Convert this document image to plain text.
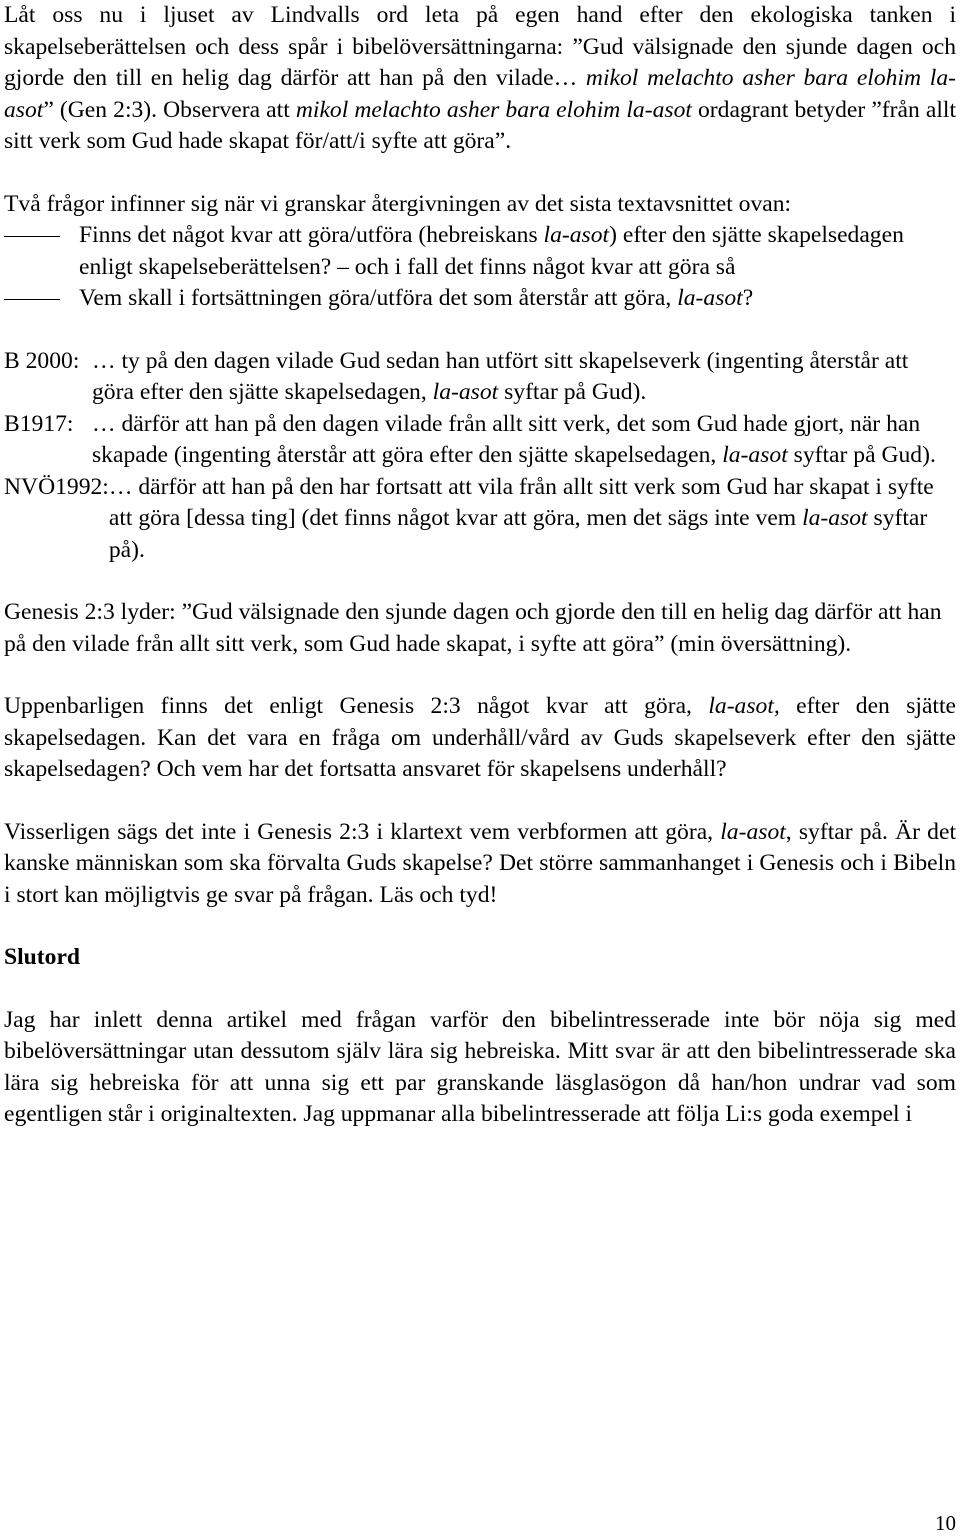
Låt oss nu i ljuset av Lindvalls ord leta på egen hand efter den ekologiska tanken i skapelseberättelsen och dess spår i bibelöversättningarna: ”Gud välsignade den sjunde dagen och gjorde den till en helig dag därför att han på den vilade… mikol melachto asher bara elohim la-asot” (Gen 2:3). Observera att mikol melachto asher bara elohim la-asot ordagrant betyder ”från allt sitt verk som Gud hade skapat för/att/i syfte att göra”.

Två frågor infinner sig när vi granskar återgivningen av det sista textavsnittet ovan:

Finns det något kvar att göra/utföra (hebreiskans la-asot) efter den sjätte skapelsedagen enligt skapelseberättelsen? – och i fall det finns något kvar att göra så

Vem skall i fortsättningen göra/utföra det som återstår att göra, la-asot?

B 2000: … ty på den dagen vilade Gud sedan han utfört sitt skapelseverk (ingenting återstår att göra efter den sjätte skapelsedagen, la-asot syftar på Gud).
B1917: … därför att han på den dagen vilade från allt sitt verk, det som Gud hade gjort, när han skapade (ingenting återstår att göra efter den sjätte skapelsedagen, la-asot syftar på Gud).
NVÖ1992: … därför att han på den har fortsatt att vila från allt sitt verk som Gud har skapat i syfte att göra [dessa ting] (det finns något kvar att göra, men det sägs inte vem la-asot syftar på).

Genesis 2:3 lyder: ”Gud välsignade den sjunde dagen och gjorde den till en helig dag därför att han på den vilade från allt sitt verk, som Gud hade skapat, i syfte att göra” (min översättning).

Uppenbarligen finns det enligt Genesis 2:3 något kvar att göra, la-asot, efter den sjätte skapelsedagen. Kan det vara en fråga om underhåll/vård av Guds skapelseverk efter den sjätte skapelsedagen? Och vem har det fortsatta ansvaret för skapelsens underhåll?

Visserligen sägs det inte i Genesis 2:3 i klartext vem verbformen att göra, la-asot, syftar på. Är det kanske människan som ska förvalta Guds skapelse? Det större sammanhanget i Genesis och i Bibeln i stort kan möjligtvis ge svar på frågan. Läs och tyd!

Slutord

Jag har inlett denna artikel med frågan varför den bibelintresserade inte bör nöja sig med bibelöversättningar utan dessutom själv lära sig hebreiska. Mitt svar är att den bibelintresserade ska lära sig hebreiska för att unna sig ett par granskande läsglasögon då han/hon undrar vad som egentligen står i originaltexten. Jag uppmanar alla bibelintresserade att följa Li:s goda exempel i

10
